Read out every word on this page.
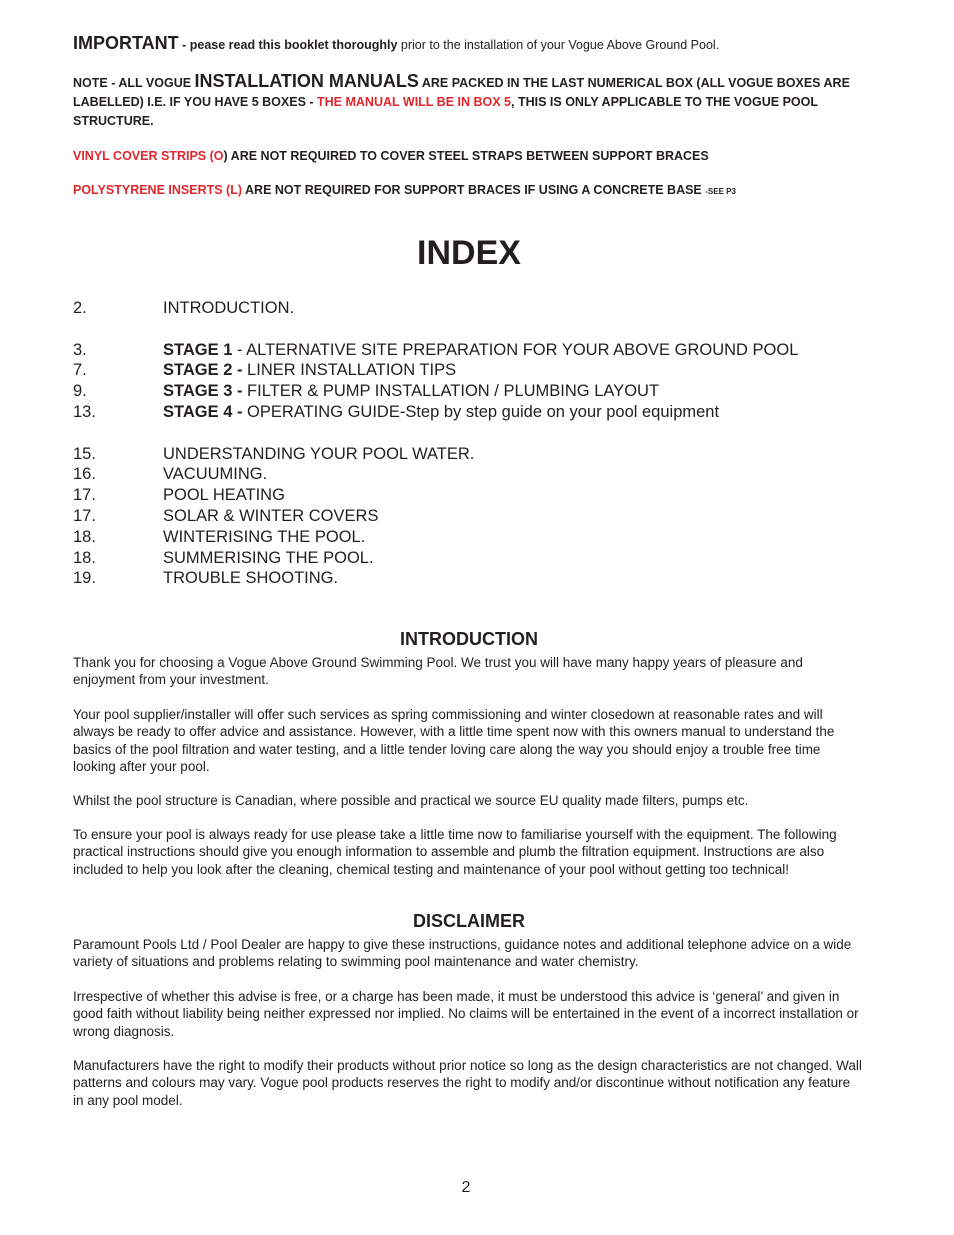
IMPORTANT - pease read this booklet thoroughly prior to the installation of your Vogue Above Ground Pool.
NOTE - ALL VOGUE INSTALLATION MANUALS ARE PACKED IN THE LAST NUMERICAL BOX (ALL VOGUE BOXES ARE LABELLED) I.E. IF YOU HAVE 5 BOXES - THE MANUAL WILL BE IN BOX 5, THIS IS ONLY APPLICABLE TO THE VOGUE POOL STRUCTURE.
VINYL COVER STRIPS (O) ARE NOT REQUIRED TO COVER STEEL STRAPS BETWEEN SUPPORT BRACES
POLYSTYRENE INSERTS (L) ARE NOT REQUIRED FOR SUPPORT BRACES IF USING A CONCRETE BASE -SEE P3
INDEX
2.	INTRODUCTION.
3.	STAGE 1 - ALTERNATIVE SITE PREPARATION FOR YOUR ABOVE GROUND POOL
7.	STAGE 2 - LINER INSTALLATION TIPS
9.	STAGE 3 - FILTER & PUMP INSTALLATION / PLUMBING LAYOUT
13.	STAGE 4 - OPERATING GUIDE-Step by step guide on your pool equipment
15.	UNDERSTANDING YOUR POOL WATER.
16.	VACUUMING.
17.	POOL HEATING
17.	SOLAR & WINTER COVERS
18.	WINTERISING THE POOL.
18.	SUMMERISING THE POOL.
19.	TROUBLE SHOOTING.
INTRODUCTION
Thank you for choosing a Vogue Above Ground Swimming Pool. We trust you will have many happy years of pleasure and enjoyment from your investment.
Your pool supplier/installer will offer such services as spring commissioning and winter closedown at reasonable rates and will always be ready to offer advice and assistance. However, with a little time spent now with this owners manual to understand the basics of the pool filtration and water testing, and a little tender loving care along the way you should enjoy a trouble free time looking after your pool.
Whilst the pool structure is Canadian, where possible and practical we source EU quality made filters, pumps etc.
To ensure your pool is always ready for use please take a little time now to familiarise yourself with the equipment. The following practical instructions should give you enough information to assemble and plumb the filtration equipment. Instructions are also included to help you look after the cleaning, chemical testing and maintenance of your pool without getting too technical!
DISCLAIMER
Paramount Pools Ltd / Pool Dealer are happy to give these instructions, guidance notes and additional telephone advice on a wide variety of situations and problems relating to swimming pool maintenance and water chemistry.
Irrespective of whether this advise is free, or a charge has been made, it must be understood this advice is ‘general’ and given in good faith without liability being neither expressed nor implied. No claims will be entertained in the event of a incorrect installation or wrong diagnosis.
Manufacturers have the right to modify their products without prior notice so long as the design characteristics are not changed. Wall patterns and colours may vary. Vogue pool products reserves the right to modify and/or discontinue without notification any feature in any pool model.
2
